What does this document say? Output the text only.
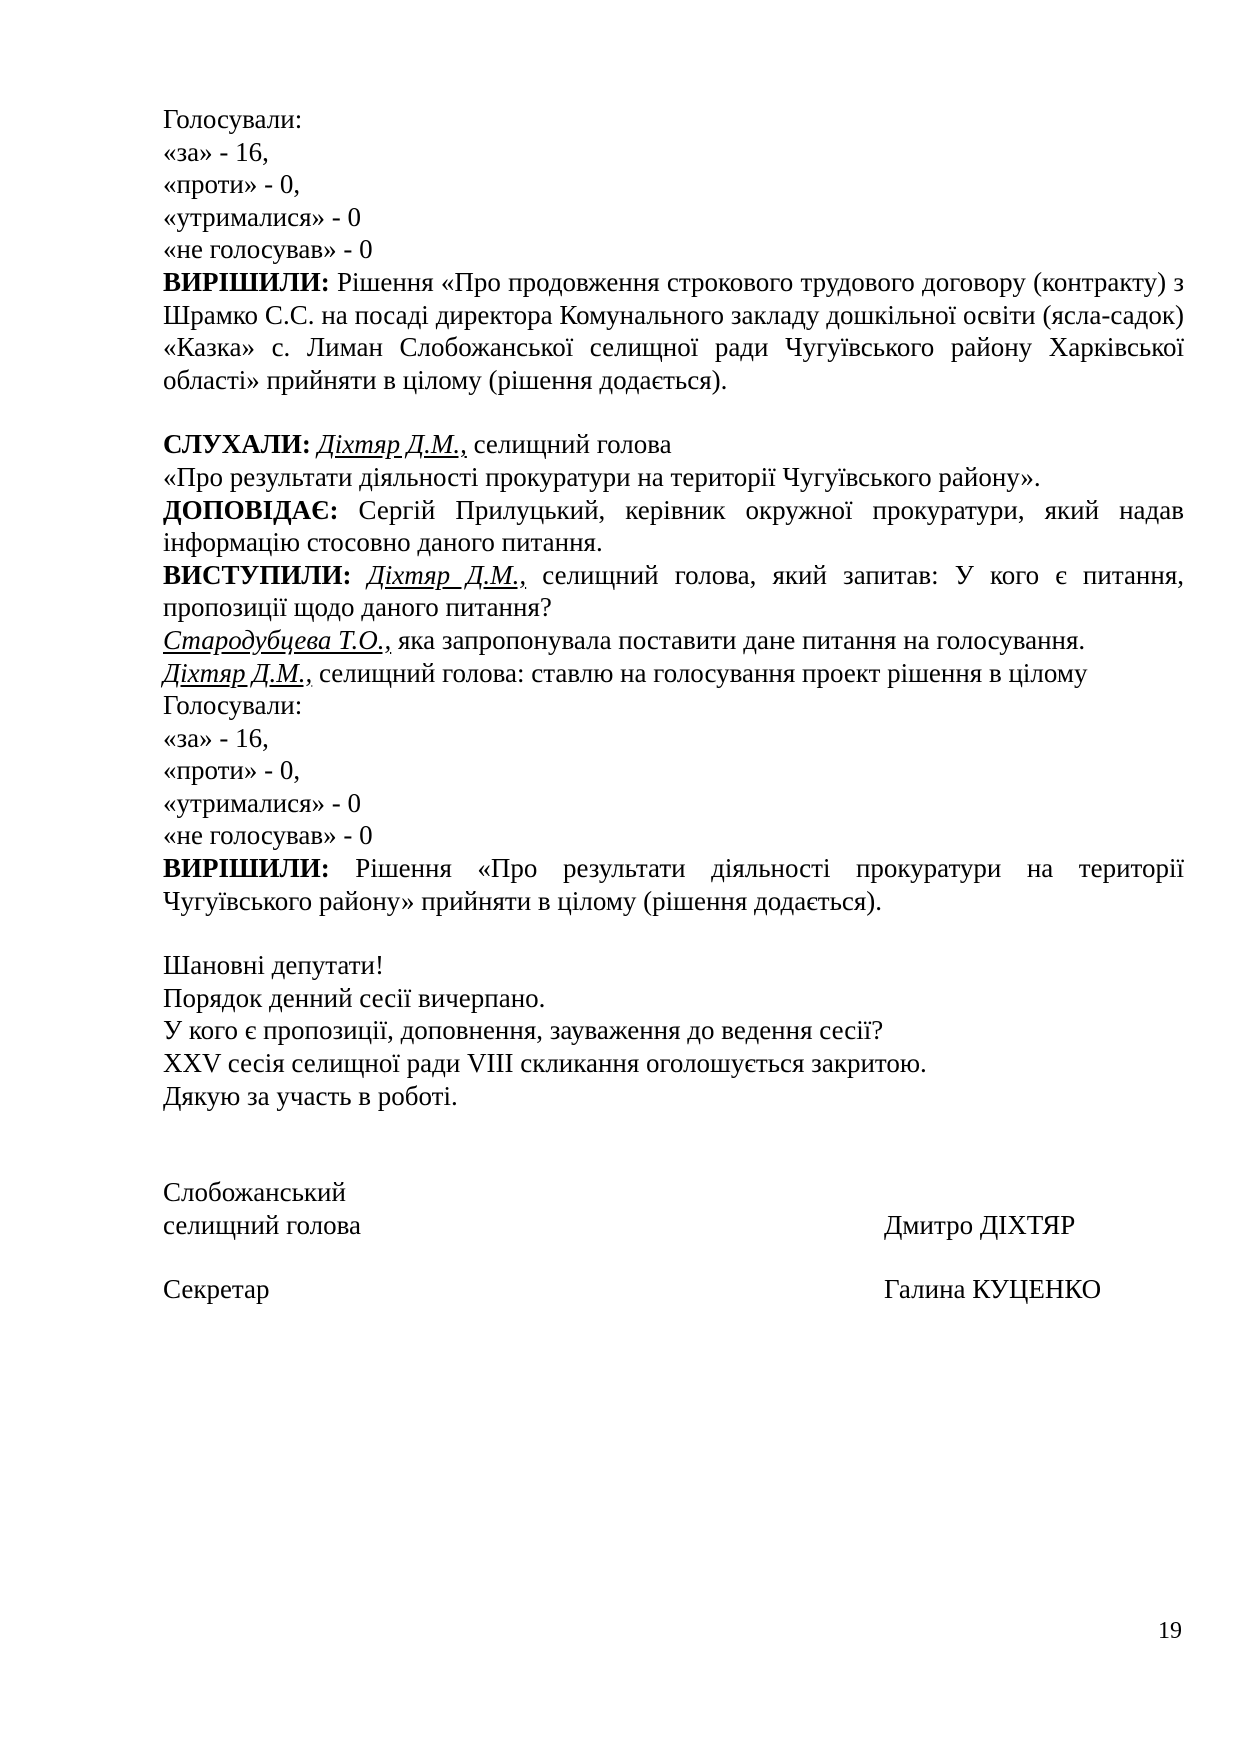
Голосували:
«за» - 16,
«проти» - 0,
«утрималися» - 0
«не голосував» - 0
ВИРІШИЛИ: Рішення «Про продовження строкового трудового договору (контракту) з Шрамко С.С. на посаді директора Комунального закладу дошкільної освіти (ясла-садок) «Казка» с. Лиман Слобожанської селищної ради Чугуївського району Харківської області» прийняти в цілому (рішення додається).
СЛУХАЛИ: Діхтяр Д.М., селищний голова
«Про результати діяльності прокуратури на території Чугуївського району».
ДОПОВІДАЄ: Сергій Прилуцький, керівник окружної прокуратури, який надав інформацію стосовно даного питання.
ВИСТУПИЛИ: Діхтяр Д.М., селищний голова, який запитав: У кого є питання, пропозиції щодо даного питання?
Стародубцева Т.О., яка запропонувала поставити дане питання на голосування.
Діхтяр Д.М., селищний голова: ставлю на голосування проект рішення в цілому
Голосували:
«за» - 16,
«проти» - 0,
«утрималися» - 0
«не голосував» - 0
ВИРІШИЛИ: Рішення «Про результати діяльності прокуратури на території Чугуївського району» прийняти в цілому (рішення додається).
Шановні депутати!
Порядок денний сесії вичерпано.
У кого є пропозиції, доповнення, зауваження до ведення сесії?
XXV сесія селищної ради VIII скликання оголошується закритою.
Дякую за участь в роботі.
Слобожанський
селищний голова
	Дмитро ДІХТЯР
Секретар	Галина КУЦЕНКО
19
